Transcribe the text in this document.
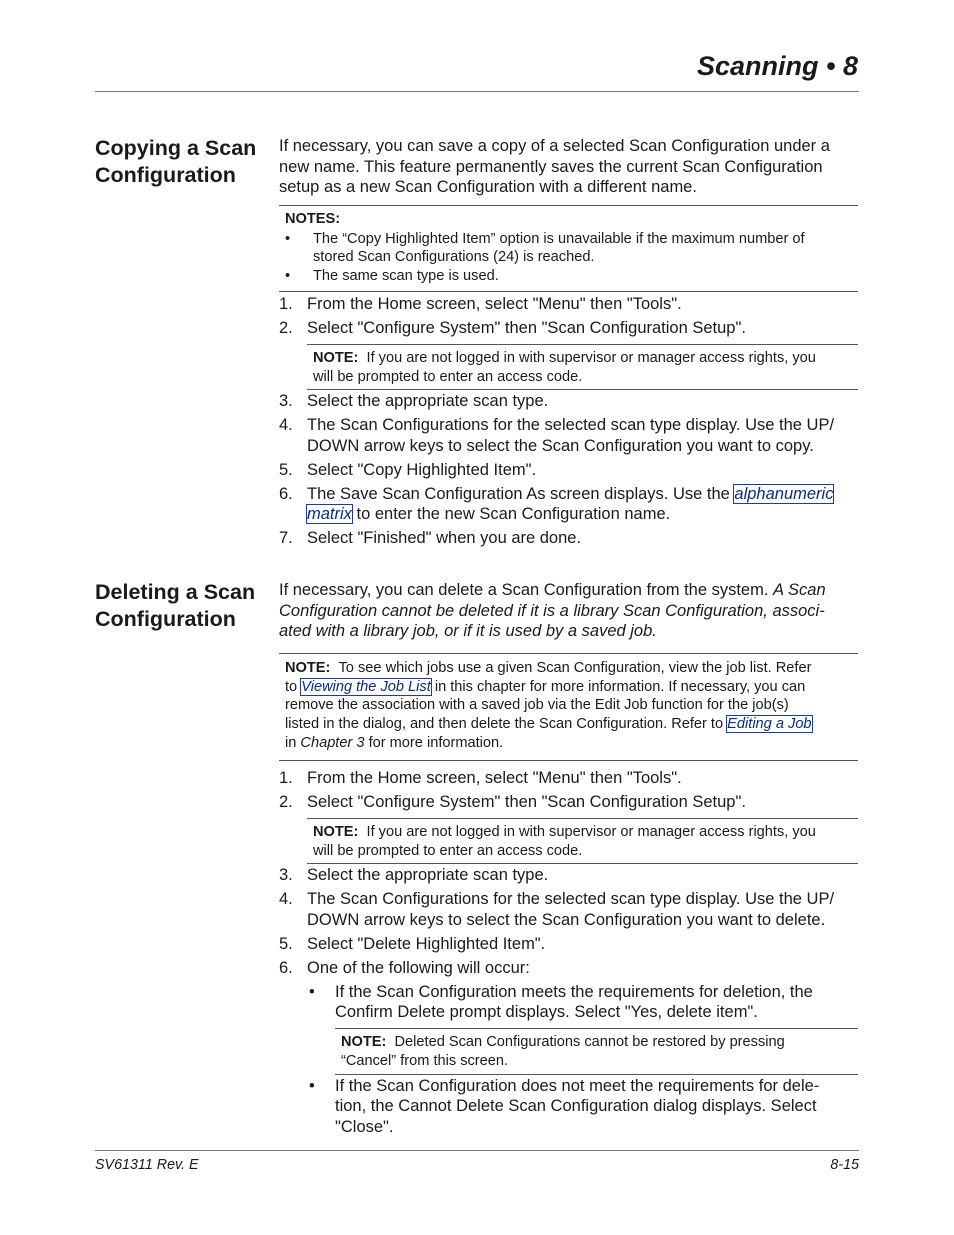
Scanning • 8
Copying a Scan
Configuration
If necessary, you can save a copy of a selected Scan Configuration under a
new name. This feature permanently saves the current Scan Configuration
setup as a new Scan Configuration with a different name.
NOTES:
• The “Copy Highlighted Item” option is unavailable if the maximum number of
stored Scan Configurations (24) is reached.
• The same scan type is used.
1. From the Home screen, select "Menu" then "Tools".
2. Select "Configure System" then "Scan Configuration Setup".
NOTE: If you are not logged in with supervisor or manager access rights, you
will be prompted to enter an access code.
3. Select the appropriate scan type.
4. The Scan Configurations for the selected scan type display. Use the UP/
DOWN arrow keys to select the Scan Configuration you want to copy.
5. Select "Copy Highlighted Item".
6. The Save Scan Configuration As screen displays. Use the alphanumeric
matrix to enter the new Scan Configuration name.
7. Select "Finished" when you are done.
Deleting a Scan
Configuration
If necessary, you can delete a Scan Configuration from the system. A Scan
Configuration cannot be deleted if it is a library Scan Configuration, associ-
ated with a library job, or if it is used by a saved job.
NOTE: To see which jobs use a given Scan Configuration, view the job list. Refer
to Viewing the Job List in this chapter for more information. If necessary, you can
remove the association with a saved job via the Edit Job function for the job(s)
listed in the dialog, and then delete the Scan Configuration. Refer to Editing a Job
in Chapter 3 for more information.
1. From the Home screen, select "Menu" then "Tools".
2. Select "Configure System" then "Scan Configuration Setup".
NOTE: If you are not logged in with supervisor or manager access rights, you
will be prompted to enter an access code.
3. Select the appropriate scan type.
4. The Scan Configurations for the selected scan type display. Use the UP/
DOWN arrow keys to select the Scan Configuration you want to delete.
5. Select "Delete Highlighted Item".
6. One of the following will occur:
• If the Scan Configuration meets the requirements for deletion, the
Confirm Delete prompt displays. Select "Yes, delete item".
NOTE: Deleted Scan Configurations cannot be restored by pressing
“Cancel” from this screen.
• If the Scan Configuration does not meet the requirements for dele-
tion, the Cannot Delete Scan Configuration dialog displays. Select
"Close".
SV61311 Rev. E	8-15
